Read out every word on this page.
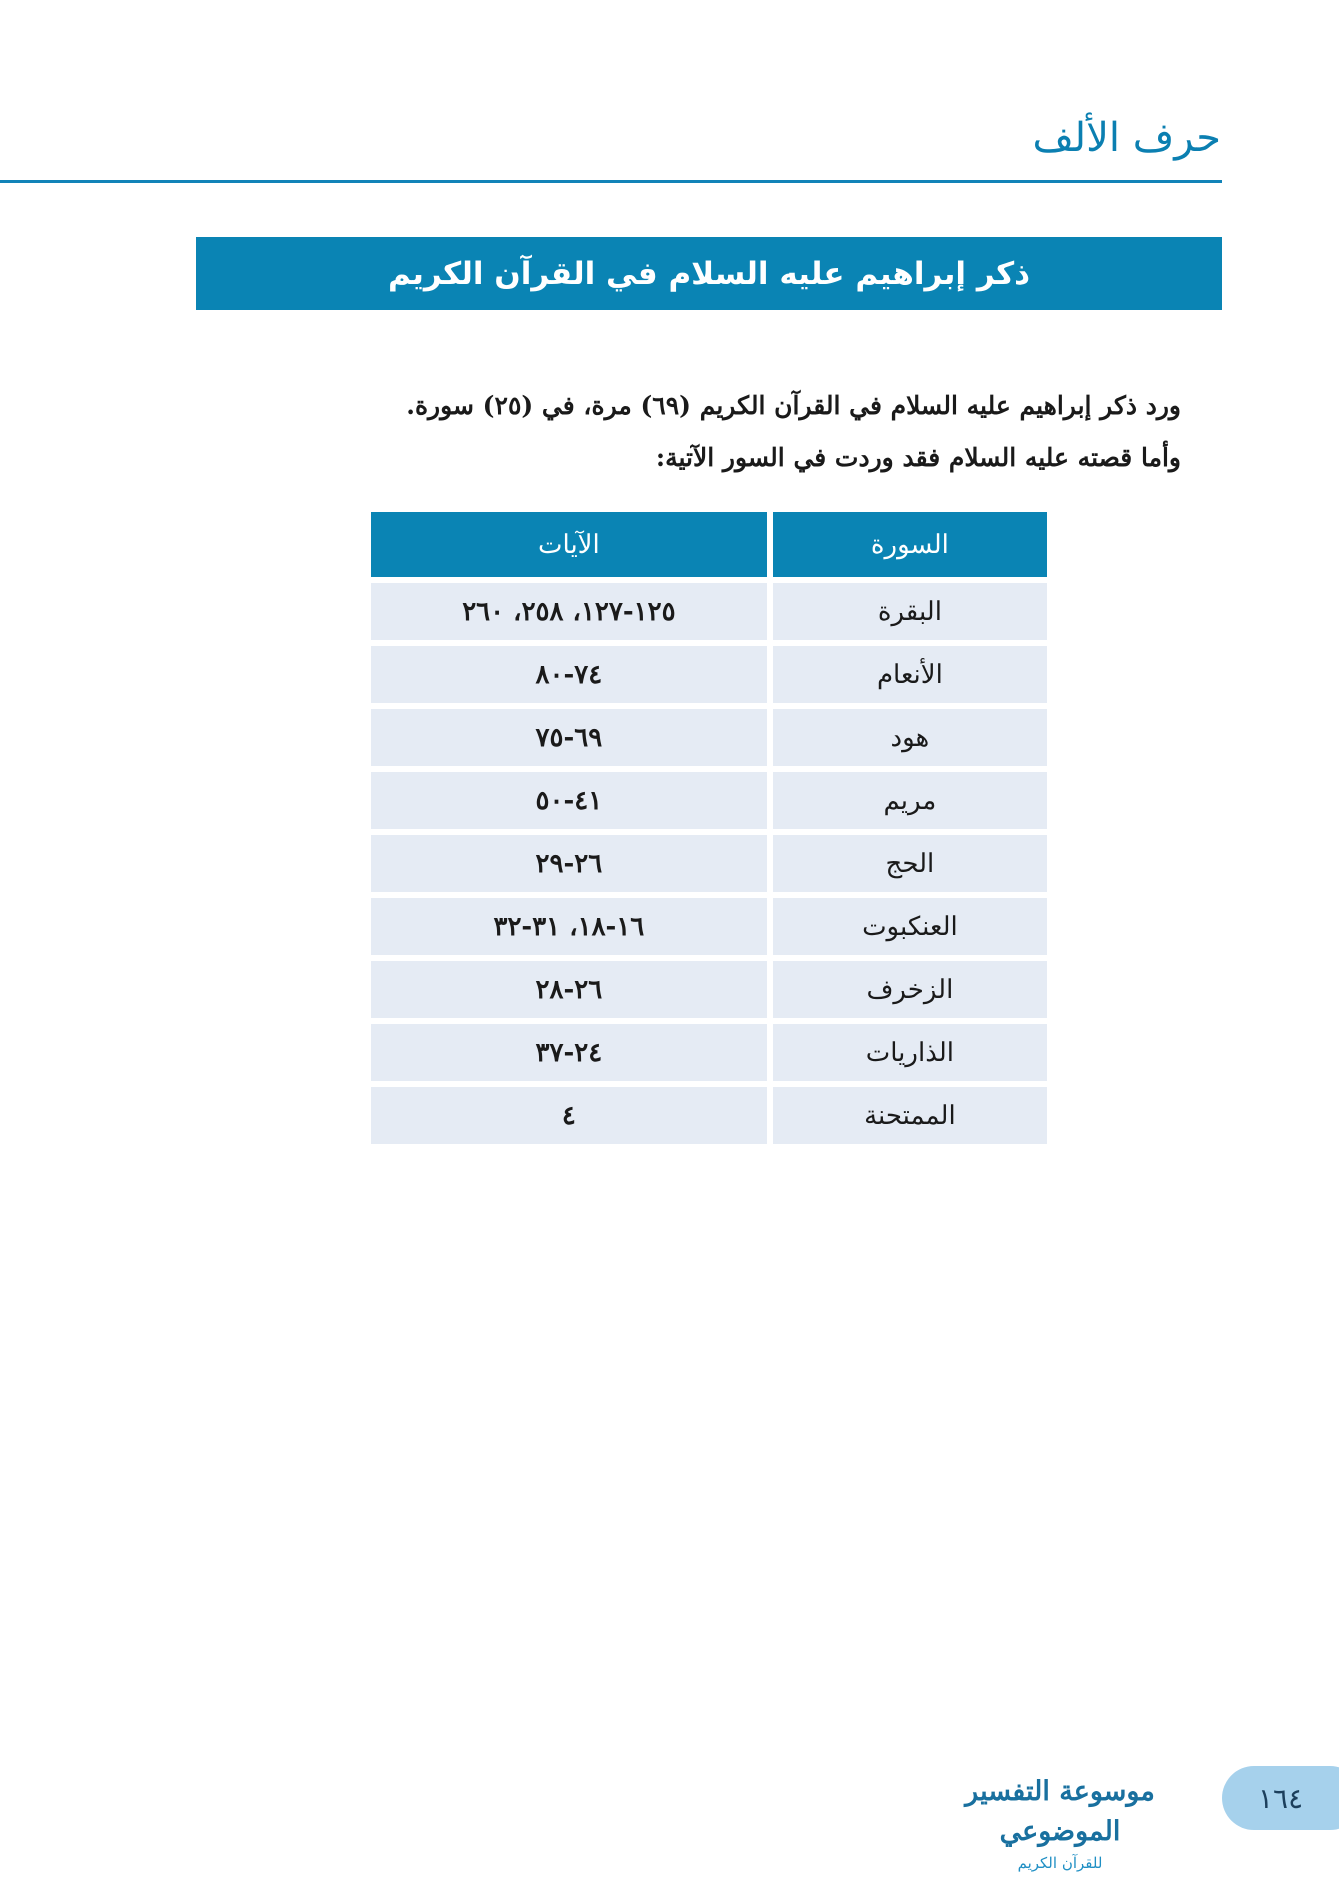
حرف الألف
ذكر إبراهيم عليه السلام في القرآن الكريم

ورد ذكر إبراهيم عليه السلام في القرآن الكريم (٦٩) مرة، في (٢٥) سورة.

وأما قصته عليه السلام فقد وردت في السور الآتية:

السورة	الآيات
البقرة	١٢٥-١٢٧، ٢٥٨، ٢٦٠
الأنعام	٧٤-٨٠
هود	٦٩-٧٥
مريم	٤١-٥٠
الحج	٢٦-٢٩
العنكبوت	١٦-١٨، ٣١-٣٢
الزخرف	٢٦-٢٨
الذاريات	٢٤-٣٧
الممتحنة	٤
موسوعة التفسير الموضوعي
للقرآن الكريم
١٦٤
